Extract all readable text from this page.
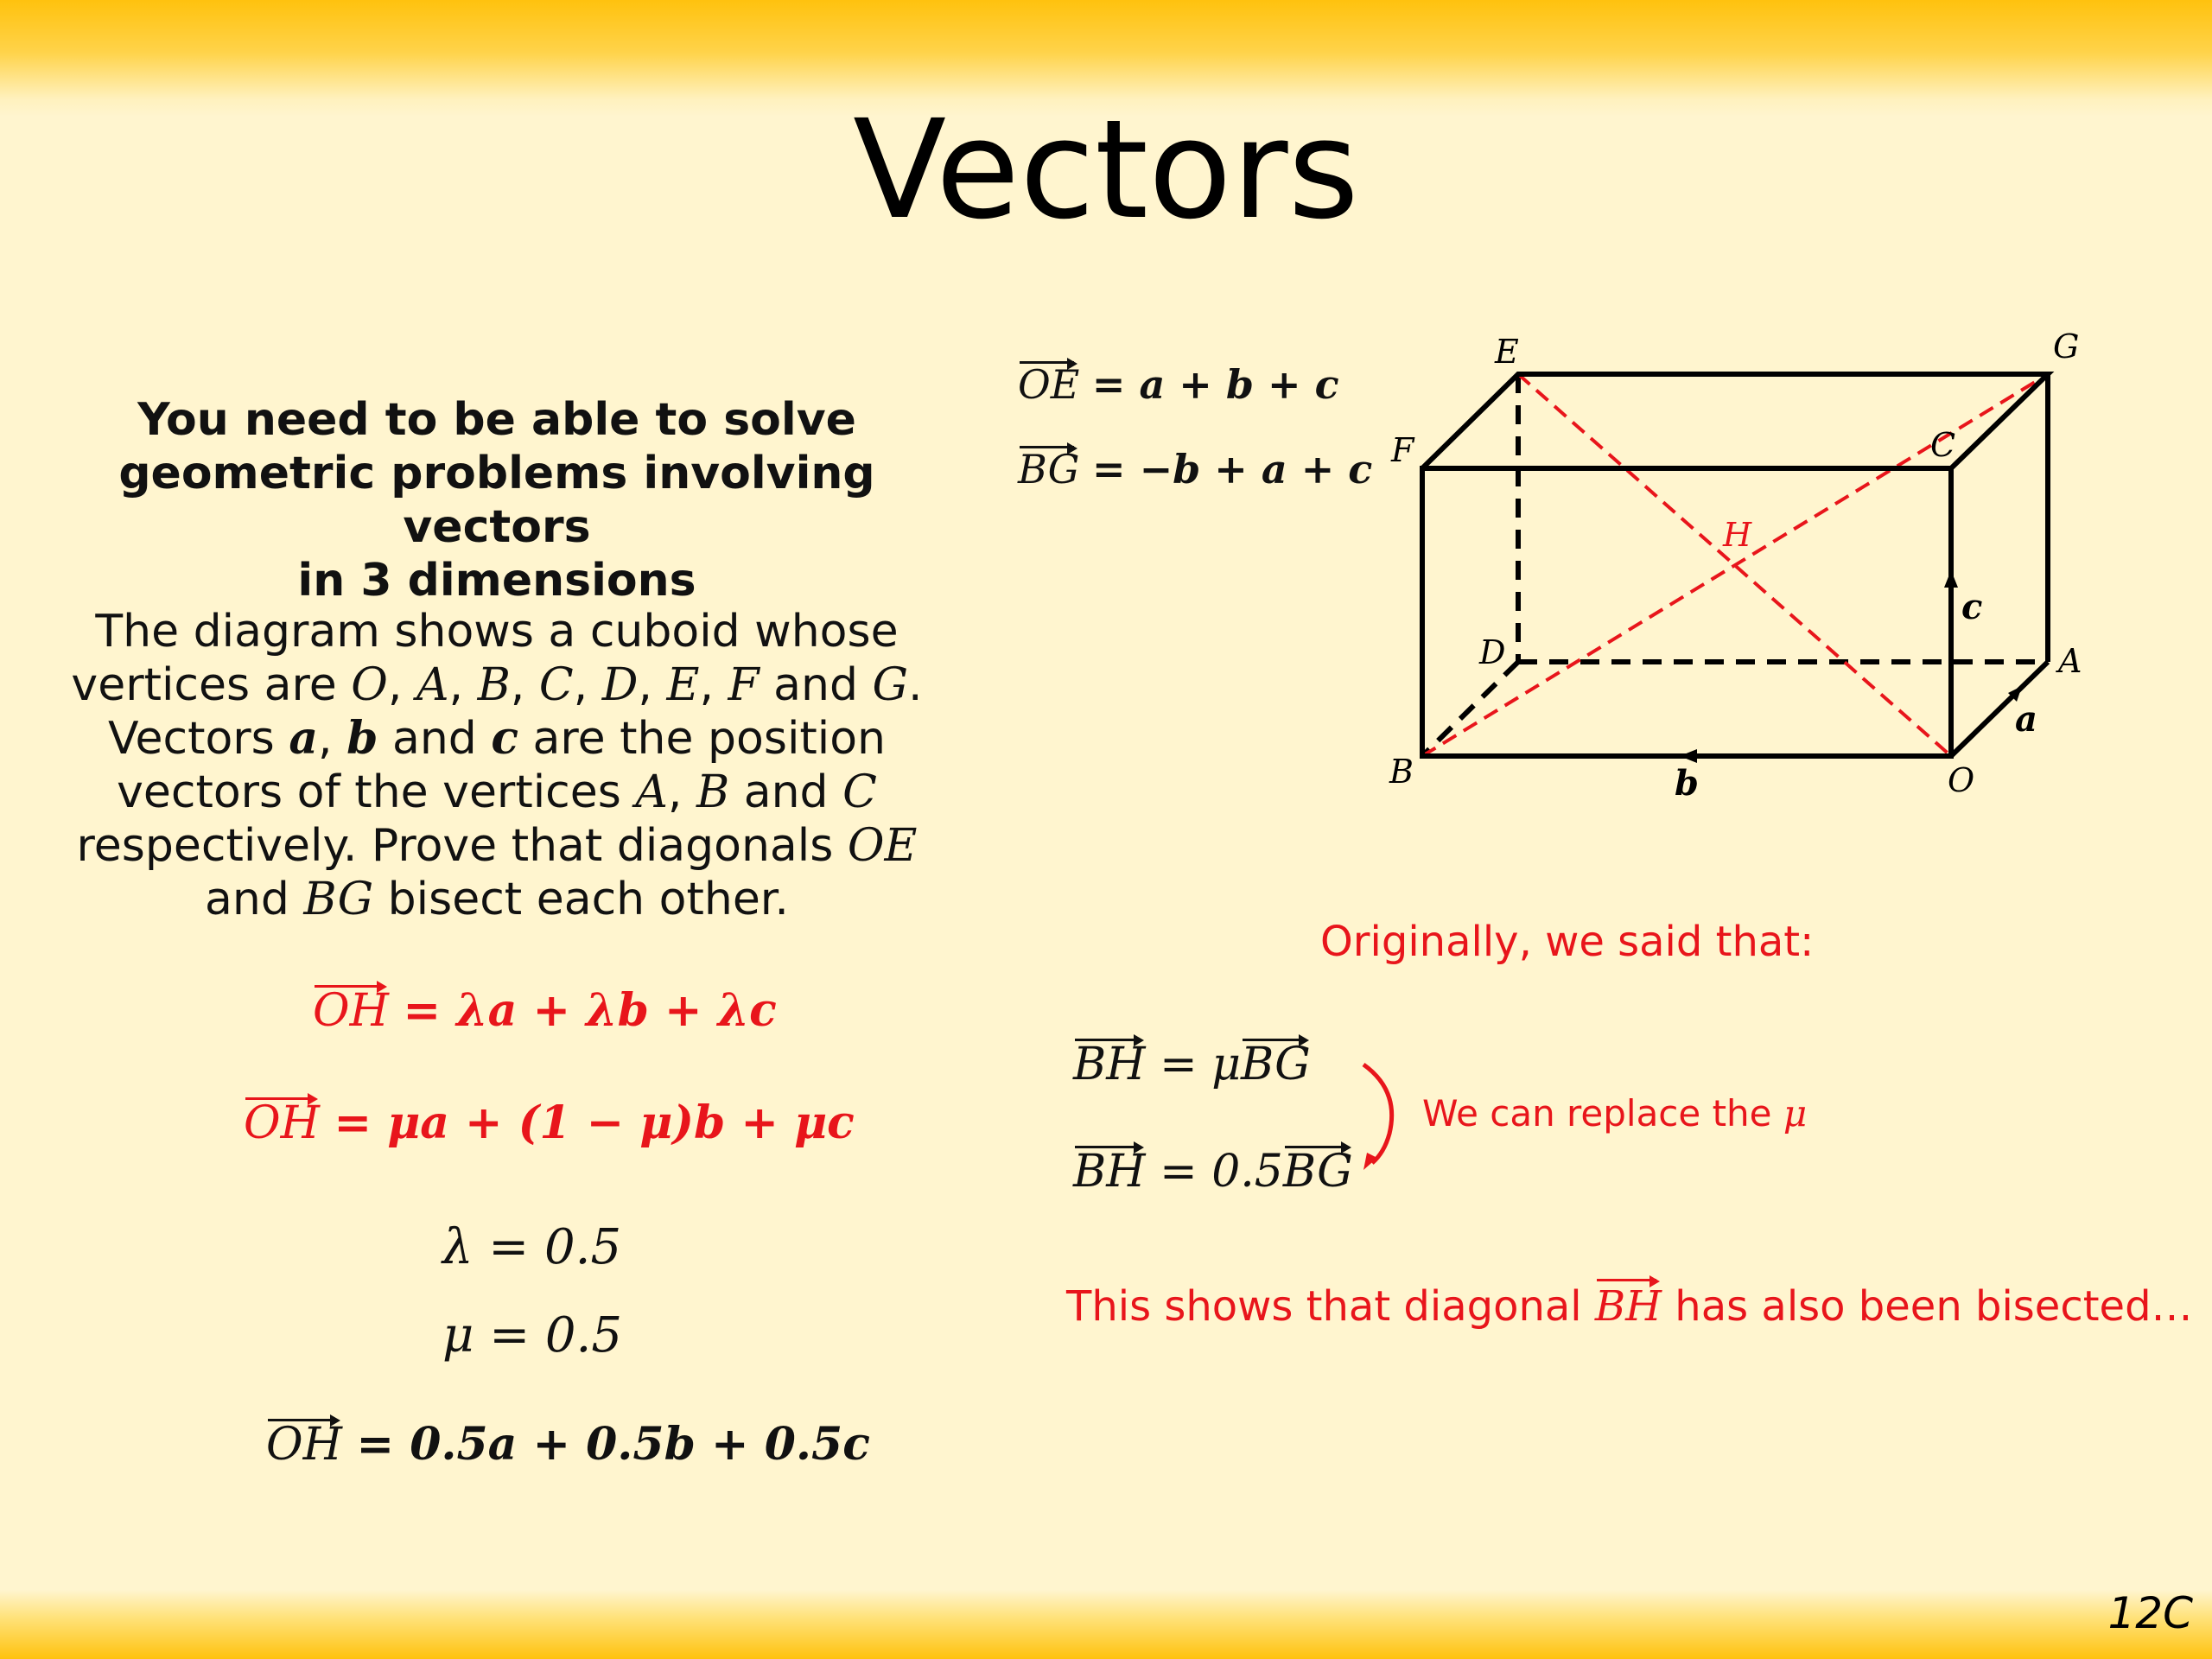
Vectors
You need to be able to solve
geometric problems involving vectors
in 3 dimensions
The diagram shows a cuboid whose
vertices are O, A, B, C, D, E, F and G.
Vectors a, b and c are the position
vectors of the vertices A, B and C
respectively. Prove that diagonals OE
and BG bisect each other.
OE = a + b + c
BG = −b + a + c
OH = λa + λb + λc
OH = μa + (1 − μ)b + μc
λ = 0.5
μ = 0.5
OH = 0.5a + 0.5b + 0.5c
Originally, we said that:
BH = μBG
BH = 0.5BG
We can replace the μ
This shows that diagonal BH has also been bisected…
E	G
F	C
H
D	A
B	O
c
b
a
12C
